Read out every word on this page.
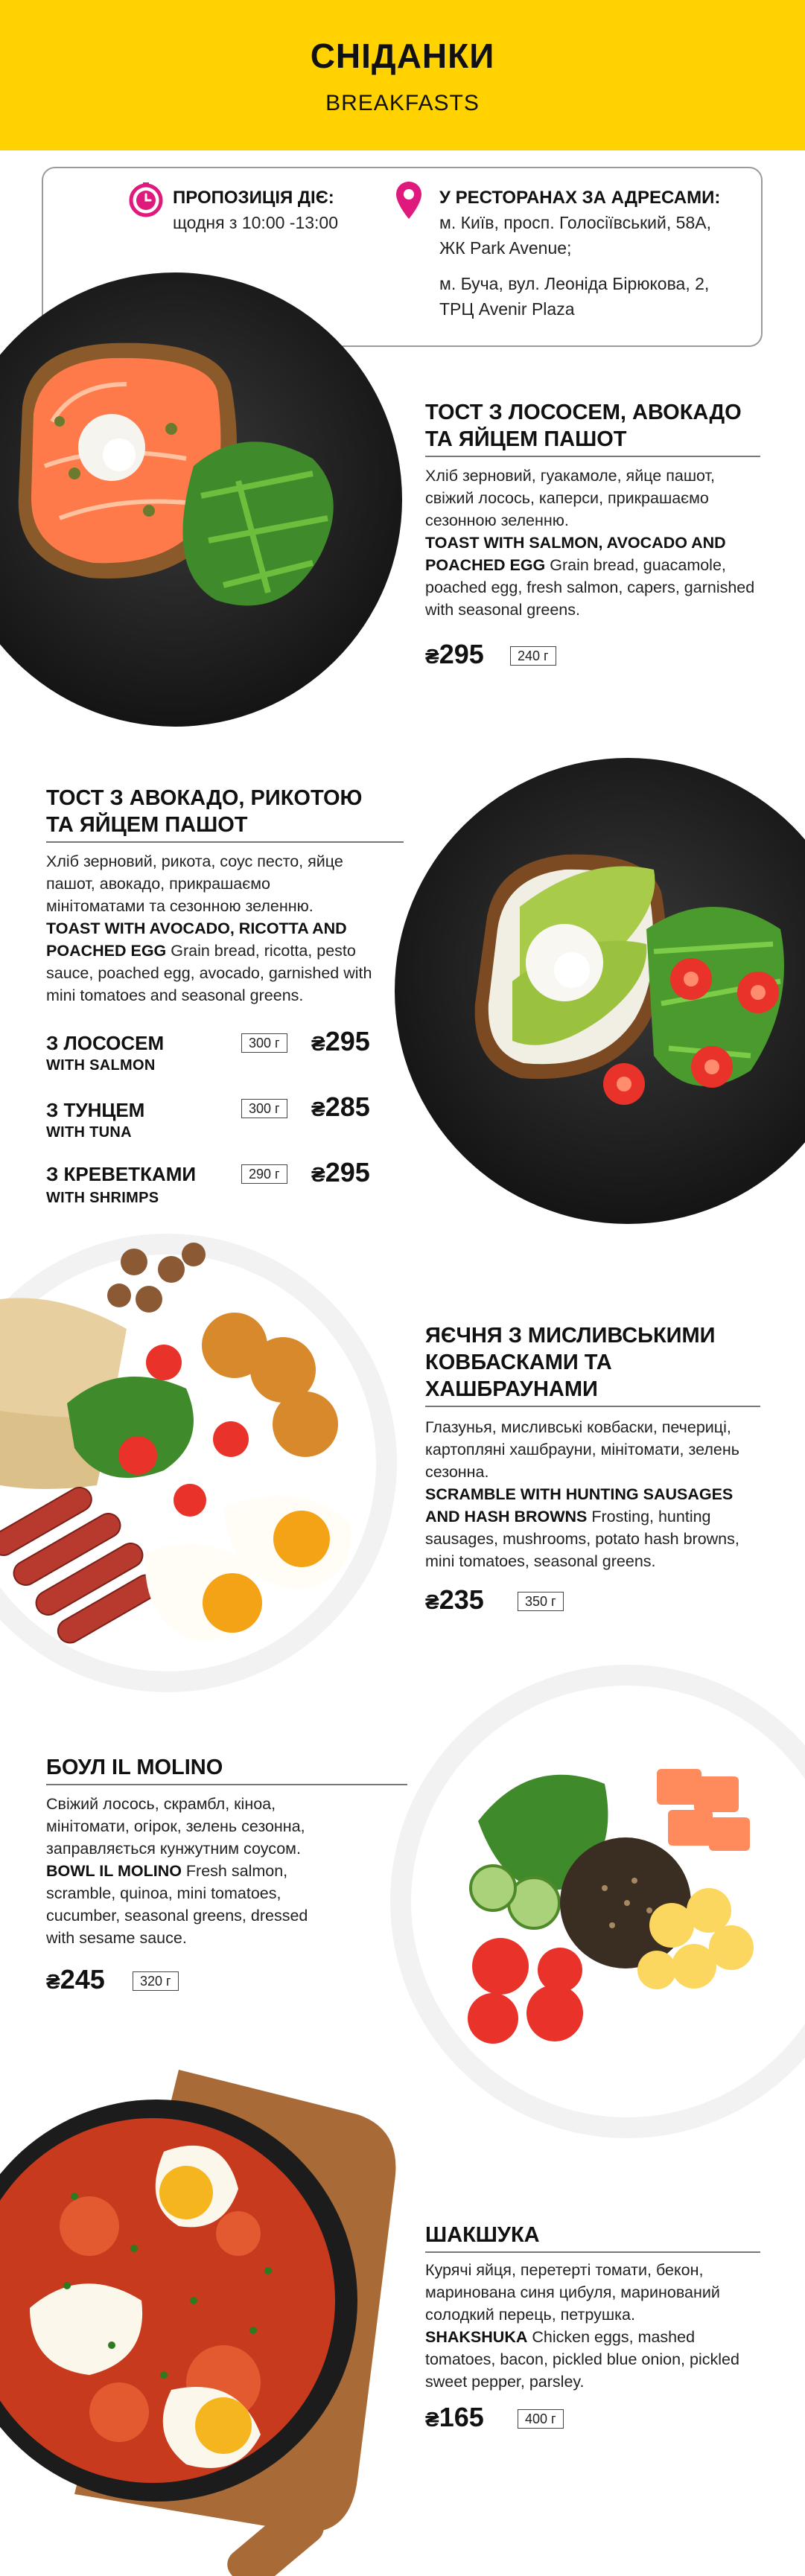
СНІДАНКИ
BREAKFASTS
ПРОПОЗИЦІЯ ДІЄ:
щодня з 10:00 -13:00
У РЕСТОРАНАХ ЗА АДРЕСАМИ:
м. Київ, просп. Голосіївський, 58А,
ЖК Park Avenue;
м. Буча, вул. Леоніда Бірюкова, 2,
ТРЦ Avenir Plaza
ТОСТ З ЛОСОСЕМ, АВОКАДО
ТА ЯЙЦЕМ ПАШОТ
Хліб зерновий, гуакамоле, яйце пашот,
свіжий лосось, каперси, прикрашаємо
сезонною зеленню.
TOAST WITH SALMON, AVOCADO AND
POACHED EGG Grain bread, guacamole,
poached egg, fresh salmon, capers, garnished
with seasonal greens.
₴295	240 г
ТОСТ З АВОКАДО, РИКОТОЮ
ТА ЯЙЦЕМ ПАШОТ
Хліб зерновий, рикота, соус песто, яйце
пашот, авокадо, прикрашаємо
мінітоматами та сезонною зеленню.
TOAST WITH AVOCADO, RICOTTA AND
POACHED EGG Grain bread, ricotta, pesto
sauce, poached egg, avocado, garnished with
mini tomatoes and seasonal greens.
З ЛОСОСЕМ
WITH SALMON
300 г	₴295
З ТУНЦЕМ
WITH TUNA
300 г	₴285
З КРЕВЕТКАМИ
WITH SHRIMPS
290 г	₴295
ЯЄЧНЯ З МИСЛИВСЬКИМИ
КОВБАСКАМИ ТА
ХАШБРАУНАМИ
Глазунья, мисливські ковбаски, печериці,
картопляні хашбрауни, мінітомати, зелень
сезонна.
SCRAMBLE WITH HUNTING SAUSAGES
AND HASH BROWNS Frosting, hunting
sausages, mushrooms, potato hash browns,
mini tomatoes, seasonal greens.
₴235	350 г
БОУЛ IL MOLINO
Свіжий лосось, скрамбл, кіноа,
мінітомати, огірок, зелень сезонна,
заправляється кунжутним соусом.
BOWL IL MOLINO Fresh salmon,
scramble, quinoa, mini tomatoes,
cucumber, seasonal greens, dressed
with sesame sauce.
₴245	320 г
ШАКШУКА
Курячі яйця, перетерті томати, бекон,
маринована синя цибуля, маринований
солодкий перець, петрушка.
SHAKSHUKA Chicken eggs, mashed
tomatoes, bacon, pickled blue onion, pickled
sweet pepper, parsley.
₴165	400 г
